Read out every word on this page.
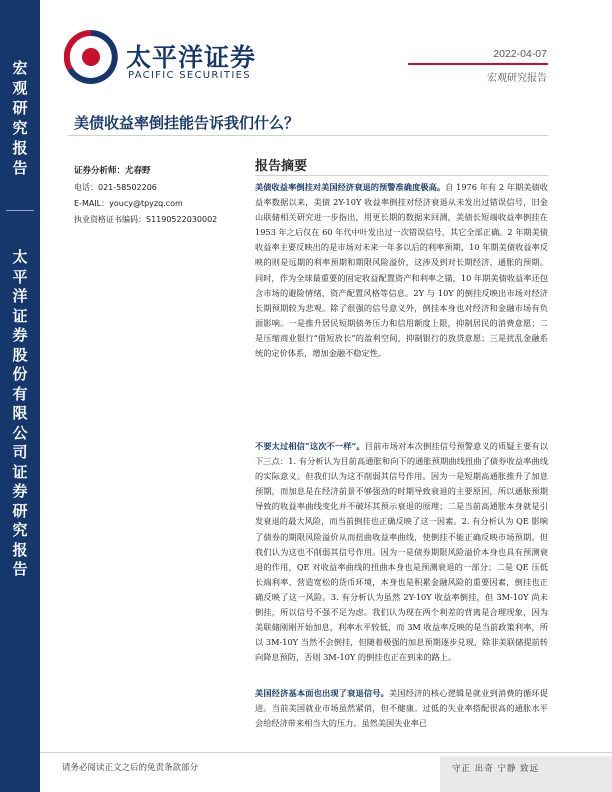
宏
观
研
究
报
告
太
平
洋
证
券
股
份
有
限
公
司
证
券
研
究
报
告
太平洋证券
PACIFIC SECURITIES
2022-04-07
宏观研究报告
美债收益率倒挂能告诉我们什么？
证券分析师：尤春野
电话：021-58502206
E-MAIL：youcy@tpyzq.com
执业资格证书编码：S1190522030002
报告摘要
美债收益率倒挂对美国经济衰退的预警准确度极高。自 1976 年有 2 年期美债收益率数据以来，美债 2Y-10Y 收益率倒挂对经济衰退从未发出过错误信号，旧金山联储相关研究进一步指出，用更长期的数据来回测，美债长短端收益率倒挂在 1953 年之后仅在 60 年代中叶发出过一次错误信号，其它全部正确。2 年期美债收益率主要反映出的是市场对未来一年多以后的利率预期，10 年期美债收益率反映的则是远期的利率预期和期限风险溢价，这涉及到对长期经济、通胀的预期。同时，作为全球最重要的固定收益配置资产和利率之锚，10 年期美债收益率还包含市场的避险情绪、资产配置风格等信息。2Y 与 10Y 的倒挂反映出市场对经济长期预期较为悲观。除了很强的信号意义外，倒挂本身也对经济和金融市场有负面影响。一是推升居民短期债务压力和信用额度上限，抑制居民的消费意愿；二是压缩商业银行“借短放长”的盈利空间，抑制银行的放贷意愿；三是扰乱金融系统的定价体系，增加金融不稳定性。
不要太过相信“这次不一样”。目前市场对本次倒挂信号预警意义的质疑主要有以下三点：1. 有分析认为目前高通胀和向下的通胀预期曲线扭曲了债券收益率曲线的实际意义。但我们认为这不削弱其信号作用。因为一是短期高通胀推升了加息预期，而加息是在经济前景不够强劲的时期导致衰退的主要原因，所以通胀预期导致的收益率曲线变化并不破坏其预示衰退的原理；二是当前高通胀本身就是引发衰退的最大风险，而当前倒挂也正确反映了这一因素。2. 有分析认为 QE 影响了债券的期限风险溢价从而扭曲收益率曲线，使倒挂不能正确反映市场预期。但我们认为这也不削弱其信号作用。因为一是债券期限风险溢价本身也具有预测衰退的作用，QE 对收益率曲线的扭曲本身也是预测衰退的一部分；二是 QE 压低长端利率、营造宽松的货币环境，本身也是积累金融风险的重要因素，倒挂也正确反映了这一风险。3. 有分析认为虽然 2Y-10Y 收益率倒挂，但 3M-10Y 尚未倒挂，所以信号不强不足为虑。我们认为现在两个利差的背离是合理现象，因为美联储刚刚开始加息，利率水平较低，而 3M 收益率反映的是当前政策利率，所以 3M-10Y 当然不会倒挂，但随着极强的加息预期逐步兑现，除非美联储提前转向降息预防，否则 3M-10Y 的倒挂也正在到来的路上。
美国经济基本面也出现了衰退信号。美国经济的核心逻辑是就业到消费的循环促进。当前美国就业市场虽然紧俏，但不健康。过低的失业率搭配很高的通胀水平会给经济带来相当大的压力。虽然美国失业率已
请务必阅读正文之后的免责条款部分	守正 出奇 宁静 致远
